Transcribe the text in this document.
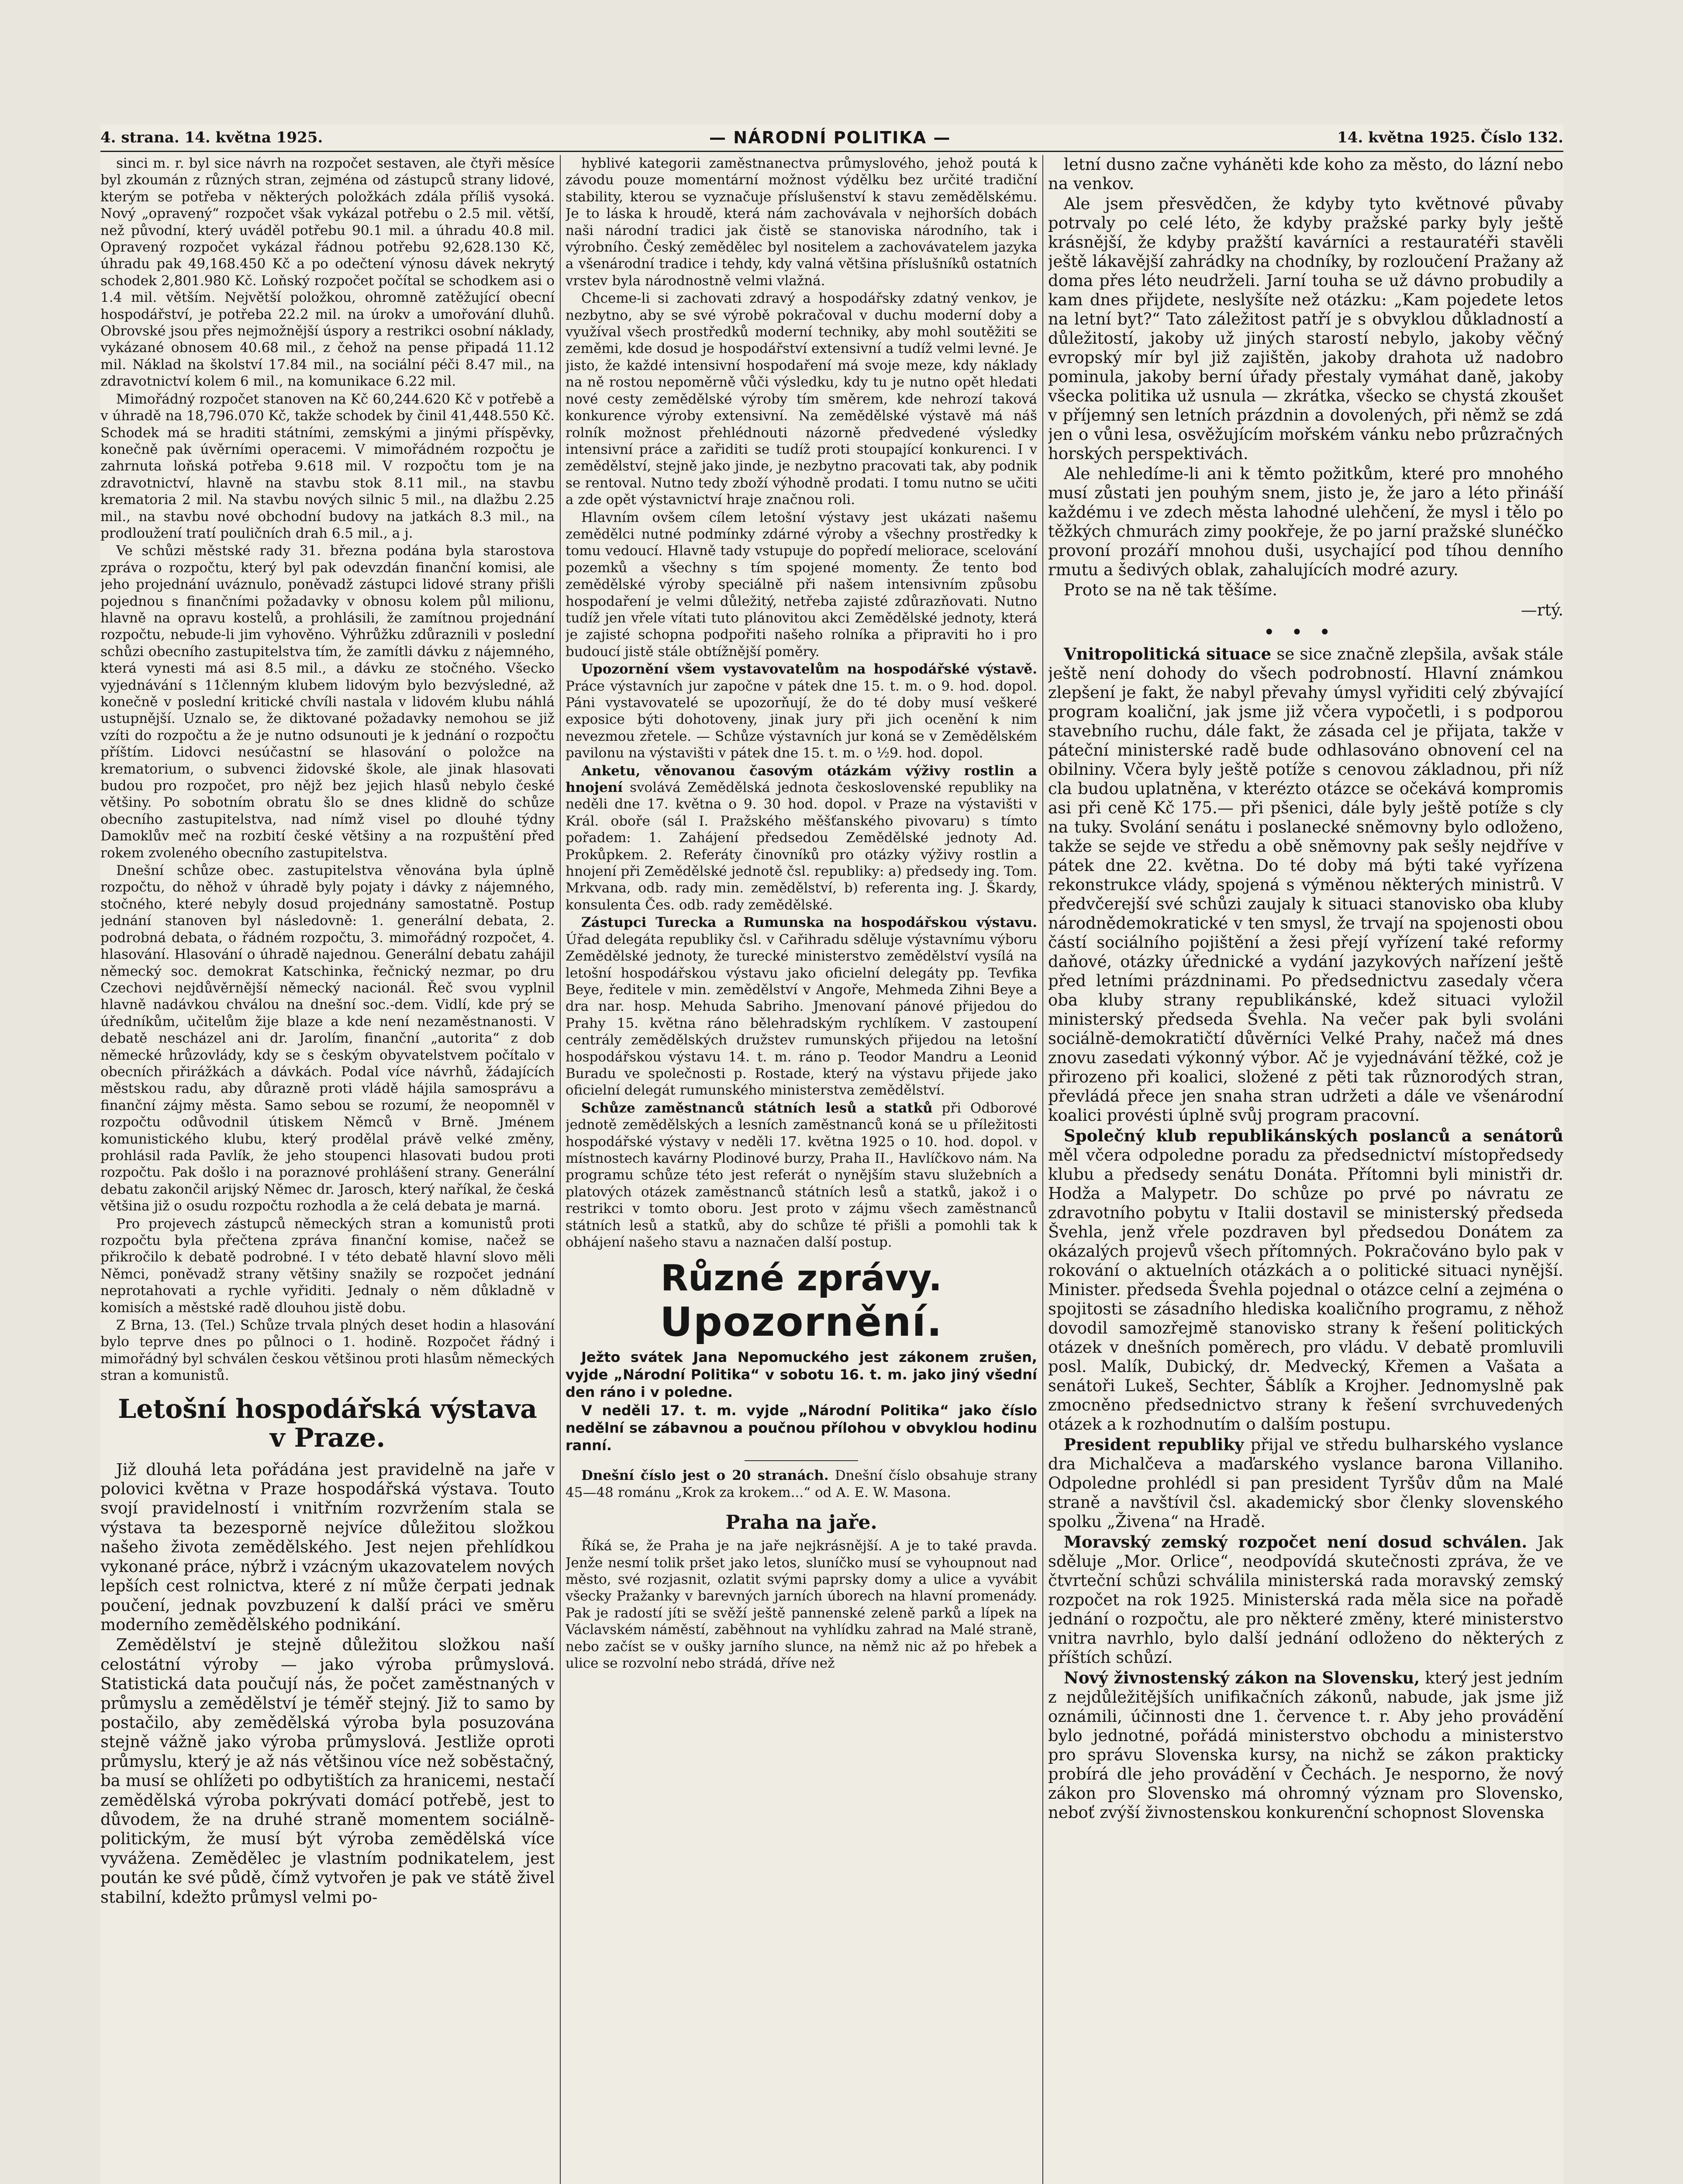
4. strana. 14. května 1925.	— NÁRODNÍ POLITIKA —	14. května 1925. Číslo 132.

sinci m. r. byl sice návrh na rozpočet sestaven, ale čtyři měsíce byl zkoumán z různých stran, zejména od zástupců strany lidové, kterým se potřeba v některých položkách zdála příliš vysoká. Nový „opravený“ rozpočet však vykázal potřebu o 2.5 mil. větší, než původní, který uváděl potřebu 90.1 mil. a úhradu 40.8 mil. Opravený rozpočet vykázal řádnou potřebu 92,628.130 Kč, úhradu pak 49,168.450 Kč a po odečtení výnosu dávek nekrytý schodek 2,801.980 Kč. Loňský rozpočet počítal se schodkem asi o 1.4 mil. větším. Největší položkou, ohromně zatěžující obecní hospodářství, je potřeba 22.2 mil. na úrokv a umořování dluhů. Obrovské jsou přes nejmožnější úspory a restrikci osobní náklady, vykázané obnosem 40.68 mil., z čehož na pense připadá 11.12 mil. Náklad na školství 17.84 mil., na sociální péči 8.47 mil., na zdravotnictví kolem 6 mil., na komunikace 6.22 mil.

Mimořádný rozpočet stanoven na Kč 60,244.620 Kč v potřebě a v úhradě na 18,796.070 Kč, takže schodek by činil 41,448.550 Kč. Schodek má se hraditi státními, zemskými a jinými příspěvky, konečně pak úvěrními operacemi. V mimořádném rozpočtu je zahrnuta loňská potřeba 9.618 mil. V rozpočtu tom je na zdravotnictví, hlavně na stavbu stok 8.11 mil., na stavbu krematoria 2 mil. Na stavbu nových silnic 5 mil., na dlažbu 2.25 mil., na stavbu nové obchodní budovy na jatkách 8.3 mil., na prodloužení tratí pouličních drah 6.5 mil., a j.

Ve schůzi městské rady 31. března podána byla starostova zpráva o rozpočtu, který byl pak odevzdán finanční komisi, ale jeho projednání uváznulo, poněvadž zástupci lidové strany přišli pojednou s finančními požadavky v obnosu kolem půl milionu, hlavně na opravu kostelů, a prohlásili, že zamítnou projednání rozpočtu, nebude-li jim vyhověno. Výhrůžku zdůraznili v poslední schůzi obecního zastupitelstva tím, že zamítli dávku z nájemného, která vynesti má asi 8.5 mil., a dávku ze stočného. Všecko vyjednávání s 11členným klubem lidovým bylo bezvýsledné, až konečně v poslední kritické chvíli nastala v lidovém klubu náhlá ustupnější. Uznalo se, že diktované požadavky nemohou se již vzíti do rozpočtu a že je nutno odsunouti je k jednání o rozpočtu příštím. Lidovci nesúčastní se hlasování o položce na krematorium, o subvenci židovské škole, ale jinak hlasovati budou pro rozpočet, pro nějž bez jejich hlasů nebylo české většiny. Po sobotním obratu šlo se dnes klidně do schůze obecního zastupitelstva, nad nímž visel po dlouhé týdny Damoklův meč na rozbití české většiny a na rozpuštění před rokem zvoleného obecního zastupitelstva.

Dnešní schůze obec. zastupitelstva věnována byla úplně rozpočtu, do něhož v úhradě byly pojaty i dávky z nájemného, stočného, které nebyly dosud projednány samostatně. Postup jednání stanoven byl následovně: 1. generální debata, 2. podrobná debata, o řádném rozpočtu, 3. mimořádný rozpočet, 4. hlasování. Hlasování o úhradě najednou. Generální debatu zahájil německý soc. demokrat Katschinka, řečnický nezmar, po dru Czechovi nejdůvěrnější německý nacionál. Řeč svou vyplnil hlavně nadávkou chválou na dnešní soc.-dem. Vidlí, kde prý se úředníkům, učitelům žije blaze a kde není nezaměstnanosti. V debatě nescházel ani dr. Jarolím, finanční „autorita“ z dob německé hrůzovlády, kdy se s českým obyvatelstvem počítalo v obecních přirážkách a dávkách. Podal více návrhů, žádajících městskou radu, aby důrazně proti vládě hájila samosprávu a finanční zájmy města. Samo sebou se rozumí, že neopomněl v rozpočtu odůvodnil útiskem Němců v Brně. Jménem komunistického klubu, který prodělal právě velké změny, prohlásil rada Pavlík, že jeho stoupenci hlasovati budou proti rozpočtu. Pak došlo i na poraznové prohlášení strany. Generální debatu zakončil arijský Němec dr. Jarosch, který naříkal, že česká většina již o osudu rozpočtu rozhodla a že celá debata je marná.

Pro projevech zástupců německých stran a komunistů proti rozpočtu byla přečtena zpráva finanční komise, načež se přikročilo k debatě podrobné. I v této debatě hlavní slovo měli Němci, poněvadž strany většiny snažily se rozpočet jednání neprotahovati a rychle vyřiditi. Jednaly o něm důkladně v komisích a městské radě dlouhou jistě dobu.

Z Brna, 13. (Tel.) Schůze trvala plných deset hodin a hlasování bylo teprve dnes po půlnoci o 1. hodině. Rozpočet řádný i mimořádný byl schválen českou většinou proti hlasům německých stran a komunistů.

Letošní hospodářská výstava
v Praze.

Již dlouhá leta pořádána jest pravidelně na jaře v polovici května v Praze hospodářská výstava. Touto svojí pravidelností i vnitřním rozvržením stala se výstava ta bezesporně nejvíce důležitou složkou našeho života zemědělského. Jest nejen přehlídkou vykonané práce, nýbrž i vzácným ukazovatelem nových lepších cest rolnictva, které z ní může čerpati jednak poučení, jednak povzbuzení k další práci ve směru moderního zemědělského podnikání.

Zemědělství je stejně důležitou složkou naší celostátní výroby — jako výroba průmyslová. Statistická data poučují nás, že počet zaměstnaných v průmyslu a zemědělství je téměř stejný. Již to samo by postačilo, aby zemědělská výroba byla posuzována stejně vážně jako výroba průmyslová. Jestliže oproti průmyslu, který je až nás většinou více než soběstačný, ba musí se ohlížeti po odbytištích za hranicemi, nestačí zemědělská výroba pokrývati domácí potřebě, jest to důvodem, že na druhé straně momentem sociálně-politickým, že musí být výroba zemědělská více vyvážena. Zemědělec je vlastním podnikatelem, jest poután ke své půdě, čímž vytvořen je pak ve státě živel stabilní, kdežto průmysl velmi po-

hyblivé kategorii zaměstnanectva průmyslového, jehož poutá k závodu pouze momentární možnost výdělku bez určité tradiční stability, kterou se vyznačuje příslušenství k stavu zemědělskému. Je to láska k hroudě, která nám zachovávala v nejhorších dobách naši národní tradici jak čistě se stanoviska národního, tak i výrobního. Český zemědělec byl nositelem a zachovávatelem jazyka a všenárodní tradice i tehdy, kdy valná většina příslušníků ostatních vrstev byla národnostně velmi vlažná.

Chceme-li si zachovati zdravý a hospodářsky zdatný venkov, je nezbytno, aby se své výrobě pokračoval v duchu moderní doby a využíval všech prostředků moderní techniky, aby mohl soutěžiti se zeměmi, kde dosud je hospodářství extensivní a tudíž velmi levné. Je jisto, že každé intensivní hospodaření má svoje meze, kdy náklady na ně rostou nepoměrně vůči výsledku, kdy tu je nutno opět hledati nové cesty zemědělské výroby tím směrem, kde nehrozí taková konkurence výroby extensivní. Na zemědělské výstavě má náš rolník možnost přehlédnouti názorně předvedené výsledky intensivní práce a zařiditi se tudíž proti stoupající konkurenci. I v zemědělství, stejně jako jinde, je nezbytno pracovati tak, aby podnik se rentoval. Nutno tedy zboží výhodně prodati. I tomu nutno se učiti a zde opět výstavnictví hraje značnou roli.

Hlavním ovšem cílem letošní výstavy jest ukázati našemu zemědělci nutné podmínky zdárné výroby a všechny prostředky k tomu vedoucí. Hlavně tady vstupuje do popředí meliorace, scelování pozemků a všechny s tím spojené momenty. Že tento bod zemědělské výroby speciálně při našem intensivním způsobu hospodaření je velmi důležitý, netřeba zajisté zdůrazňovati. Nutno tudíž jen vřele vítati tuto plánovitou akci Zemědělské jednoty, která je zajisté schopna podpořiti našeho rolníka a připraviti ho i pro budoucí jistě stále obtížnější poměry.

Upozornění všem vystavovatelům na hospodářské výstavě. Práce výstavních jur započne v pátek dne 15. t. m. o 9. hod. dopol. Páni vystavovatelé se upozorňují, že do té doby musí veškeré exposice býti dohotoveny, jinak jury při jich ocenění k nim nevezmou zřetele. — Schůze výstavních jur koná se v Zemědělském pavilonu na výstavišti v pátek dne 15. t. m. o ½9. hod. dopol.

Anketu, věnovanou časovým otázkám výživy rostlin a hnojení svolává Zemědělská jednota československé republiky na neděli dne 17. května o 9. 30 hod. dopol. v Praze na výstavišti v Král. oboře (sál I. Pražského měšťanského pivovaru) s tímto pořadem: 1. Zahájení předsedou Zemědělské jednoty Ad. Prokůpkem. 2. Referáty činovníků pro otázky výživy rostlin a hnojení při Zemědělské jednotě čsl. republiky: a) předsedy ing. Tom. Mrkvana, odb. rady min. zemědělství, b) referenta ing. J. Škardy, konsulenta Čes. odb. rady zemědělské.

Zástupci Turecka a Rumunska na hospodářskou výstavu. Úřad delegáta republiky čsl. v Cařihradu sděluje výstavnímu výboru Zemědělské jednoty, že turecké ministerstvo zemědělství vysílá na letošní hospodářskou výstavu jako oficielní delegáty pp. Tevfika Beye, ředitele v min. zemědělství v Angoře, Mehmeda Zihni Beye a dra nar. hosp. Mehuda Sabriho. Jmenovaní pánové přijedou do Prahy 15. května ráno bělehradským rychlíkem. V zastoupení centrály zemědělských družstev rumunských přijedou na letošní hospodářskou výstavu 14. t. m. ráno p. Teodor Mandru a Leonid Buradu ve společnosti p. Rostade, který na výstavu přijede jako oficielní delegát rumunského ministerstva zemědělství.

Schůze zaměstnanců státních lesů a statků při Odborové jednotě zemědělských a lesních zaměstnanců koná se u příležitosti hospodářské výstavy v neděli 17. května 1925 o 10. hod. dopol. v místnostech kavárny Plodinové burzy, Praha II., Havlíčkovo nám. Na programu schůze této jest referát o nynějším stavu služebních a platových otázek zaměstnanců státních lesů a statků, jakož i o restrikci v tomto oboru. Jest proto v zájmu všech zaměstnanců státních lesů a statků, aby do schůze té přišli a pomohli tak k obhájení našeho stavu a naznačen další postup.

Různé zprávy.
Upozornění.

Ježto svátek Jana Nepomuckého jest zákonem zrušen, vyjde „Národní Politika“ v sobotu 16. t. m. jako jiný všední den ráno i v poledne.

V neděli 17. t. m. vyjde „Národní Politika“ jako číslo nedělní se zábavnou a poučnou přílohou v obvyklou hodinu ranní.

Dnešní číslo jest o 20 stranách. Dnešní číslo obsahuje strany 45—48 románu „Krok za krokem...“ od A. E. W. Masona.

Praha na jaře.

Říká se, že Praha je na jaře nejkrásnější. A je to také pravda. Jenže nesmí tolik pršet jako letos, sluníčko musí se vyhoupnout nad město, své rozjasnit, ozlatit svými paprsky domy a ulice a vyvábit všecky Pražanky v barevných jarních úborech na hlavní promenády. Pak je radostí jíti se svěží ještě pannenské zeleně parků a lípek na Václavském náměstí, zaběhnout na vyhlídku zahrad na Malé straně, nebo začíst se v oušky jarního slunce, na němž nic až po hřebek a ulice se rozvolní nebo strádá, dříve než

letní dusno začne vyháněti kde koho za město, do lázní nebo na venkov.

Ale jsem přesvědčen, že kdyby tyto květnové půvaby potrvaly po celé léto, že kdyby pražské parky byly ještě krásnější, že kdyby pražští kavárníci a restauratéři stavěli ještě lákavější zahrádky na chodníky, by rozloučení Pražany až doma přes léto neudrželi. Jarní touha se už dávno probudily a kam dnes přijdete, neslyšíte než otázku: „Kam pojedete letos na letní byt?“ Tato záležitost patří je s obvyklou důkladností a důležitostí, jakoby už jiných starostí nebylo, jakoby věčný evropský mír byl již zajištěn, jakoby drahota už nadobro pominula, jakoby berní úřady přestaly vymáhat daně, jakoby všecka politika už usnula — zkrátka, všecko se chystá zkoušet v příjemný sen letních prázdnin a dovolených, při němž se zdá jen o vůni lesa, osvěžujícím mořském vánku nebo průzračných horských perspektivách.

Ale nehledíme-li ani k těmto požitkům, které pro mnohého musí zůstati jen pouhým snem, jisto je, že jaro a léto přináší každému i ve zdech města lahodné ulehčení, že mysl i tělo po těžkých chmurách zimy pookřeje, že po jarní pražské slunéčko provoní prozáří mnohou duši, usychající pod tíhou denního rmutu a šedivých oblak, zahalujících modré azury.

Proto se na ně tak těšíme.

—rtý.
•••

Vnitropolitická situace se sice značně zlepšila, avšak stále ještě není dohody do všech podrobností. Hlavní známkou zlepšení je fakt, že nabyl převahy úmysl vyřiditi celý zbývající program koaliční, jak jsme již včera vypočetli, i s podporou stavebního ruchu, dále fakt, že zásada cel je přijata, takže v páteční ministerské radě bude odhlasováno obnovení cel na obilniny. Včera byly ještě potíže s cenovou základnou, při níž cla budou uplatněna, v kterézto otázce se očekává kompromis asi při ceně Kč 175.— při pšenici, dále byly ještě potíže s cly na tuky. Svolání senátu i poslanecké sněmovny bylo odloženo, takže se sejde ve středu a obě sněmovny pak sešly nejdříve v pátek dne 22. května. Do té doby má býti také vyřízena rekonstrukce vlády, spojená s výměnou některých ministrů. V předvčerejší své schůzi zaujaly k situaci stanovisko oba kluby národnědemokratické v ten smysl, že trvají na spojenosti obou částí sociálního pojištění a žesi přejí vyřízení také reformy daňové, otázky úřednické a vydání jazykových nařízení ještě před letními prázdninami. Po předsednictvu zasedaly včera oba kluby strany republikánské, kdež situaci vyložil ministerský předseda Švehla. Na večer pak byli svoláni sociálně-demokratičtí důvěrníci Velké Prahy, načež má dnes znovu zasedati výkonný výbor. Ač je vyjednávání těžké, což je přirozeno při koalici, složené z pěti tak různorodých stran, převládá přece jen snaha stran udržeti a dále ve všenárodní koalici provésti úplně svůj program pracovní.

Společný klub republikánských poslanců a senátorů měl včera odpoledne poradu za předsednictví místopředsedy klubu a předsedy senátu Donáta. Přítomni byli ministři dr. Hodža a Malypetr. Do schůze po prvé po návratu ze zdravotního pobytu v Italii dostavil se ministerský předseda Švehla, jenž vřele pozdraven byl předsedou Donátem za okázalých projevů všech přítomných. Pokračováno bylo pak v rokování o aktuelních otázkách a o politické situaci nynější. Minister. předseda Švehla pojednal o otázce celní a zejména o spojitosti se zásadního hlediska koaličního programu, z něhož dovodil samozřejmě stanovisko strany k řešení politických otázek v dnešních poměrech, pro vládu. V debatě promluvili posl. Malík, Dubický, dr. Medvecký, Křemen a Vašata a senátoři Lukeš, Sechter, Šáblík a Krojher. Jednomyslně pak zmocněno předsednictvo strany k řešení svrchuvedených otázek a k rozhodnutím o dalším postupu.

President republiky přijal ve středu bulharského vyslance dra Michalčeva a maďarského vyslance barona Villaniho. Odpoledne prohlédl si pan president Tyršův dům na Malé straně a navštívil čsl. akademický sbor členky slovenského spolku „Živena“ na Hradě.

Moravský zemský rozpočet není dosud schválen. Jak sděluje „Mor. Orlice“, neodpovídá skutečnosti zpráva, že ve čtvrteční schůzi schválila ministerská rada moravský zemský rozpočet na rok 1925. Ministerská rada měla sice na pořadě jednání o rozpočtu, ale pro některé změny, které ministerstvo vnitra navrhlo, bylo další jednání odloženo do některých z příštích schůzí.

Nový živnostenský zákon na Slovensku, který jest jedním z nejdůležitějších unifikačních zákonů, nabude, jak jsme již oznámili, účinnosti dne 1. července t. r. Aby jeho provádění bylo jednotné, pořádá ministerstvo obchodu a ministerstvo pro správu Slovenska kursy, na nichž se zákon prakticky probírá dle jeho provádění v Čechách. Je nesporno, že nový zákon pro Slovensko má ohromný význam pro Slovensko, neboť zvýší živnostenskou konkurenční schopnost Slovenska
